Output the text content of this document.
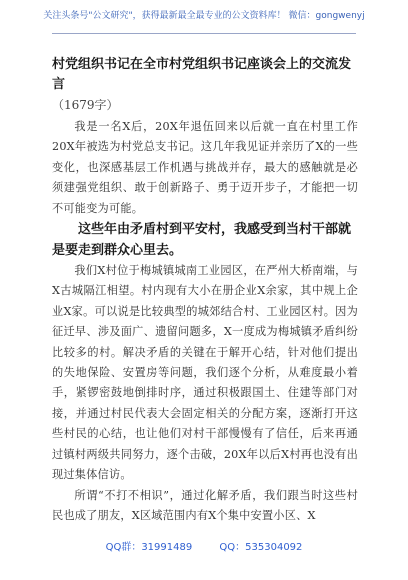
关注头条号"公文研究"，获得最新最全最专业的公文资料库！ 微信：gongwenyj

村党组织书记在全市村党组织书记座谈会上的交流发言

（1679字）

我是一名X后，20X年退伍回来以后就一直在村里工作20X年被选为村党总支书记。这几年我见证并亲历了X的一些变化，也深感基层工作机遇与挑战并存，最大的感触就是必须建强党组织、敢于创新路子、勇于迈开步子，才能把一切不可能变为可能。

这些年由矛盾村到平安村，我感受到当村干部就是要走到群众心里去。

我们X村位于梅城镇城南工业园区，在严州大桥南端，与X古城隔江相望。村内现有大小在册企业X余家，其中规上企业X家。可以说是比较典型的城郊结合村、工业园区村。因为征迁早、涉及面广、遗留问题多，X一度成为梅城镇矛盾纠纷比较多的村。解决矛盾的关键在于解开心结，针对他们提出的失地保险、安置房等问题，我们逐个分析，从难度最小着手，紧锣密鼓地倒排时序，通过积极跟国土、住建等部门对接，并通过村民代表大会固定相关的分配方案，逐渐打开这些村民的心结，也让他们对村干部慢慢有了信任，后来再通过镇村两级共同努力，逐个击破，20X年以后X村再也没有出现过集体信访。

所谓“不打不相识”，通过化解矛盾，我们跟当时这些村民也成了朋友，X区域范围内有X个集中安置小区、X

QQ群：31991489	QQ：535304092
